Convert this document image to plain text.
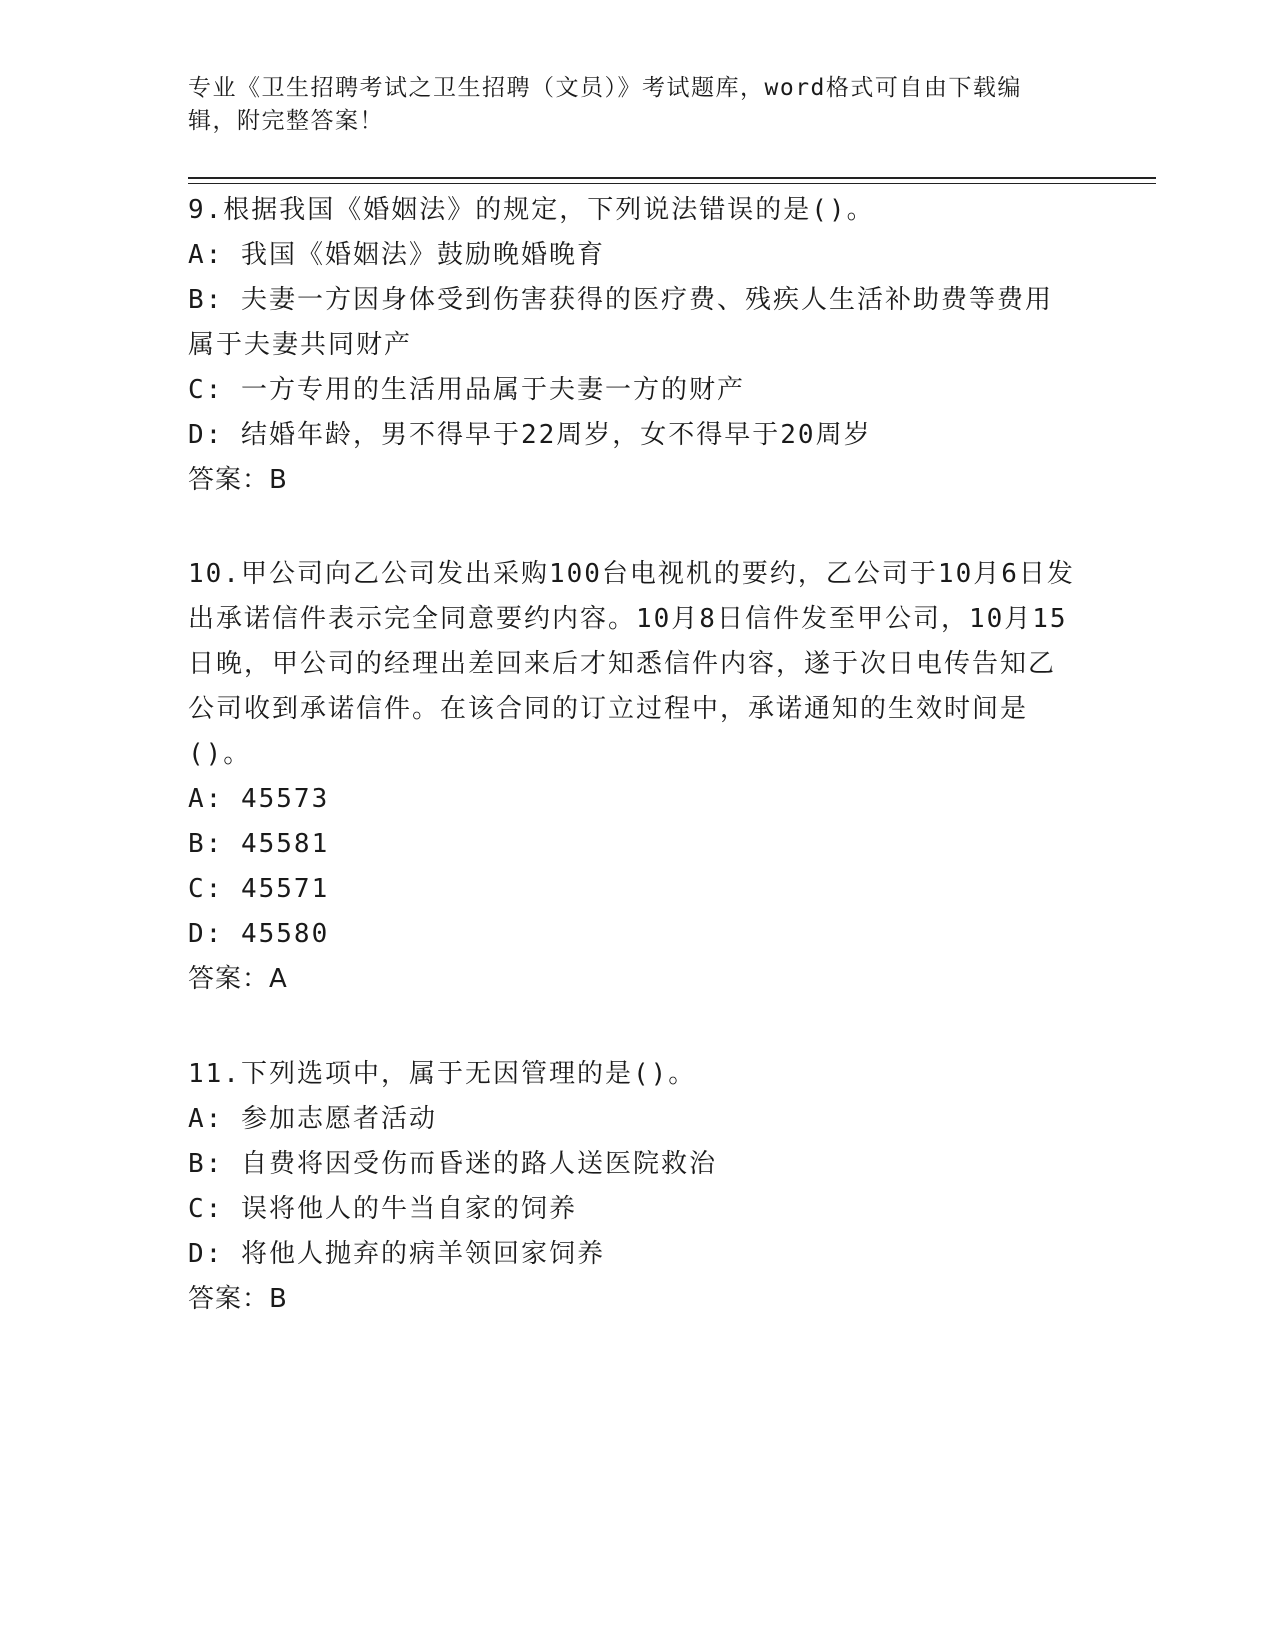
专业《卫生招聘考试之卫生招聘（文员）》考试题库，word格式可自由下载编辑，附完整答案！

9.根据我国《婚姻法》的规定，下列说法错误的是()。

A: 我国《婚姻法》鼓励晚婚晚育

B: 夫妻一方因身体受到伤害获得的医疗费、残疾人生活补助费等费用属于夫妻共同财产

C: 一方专用的生活用品属于夫妻一方的财产

D: 结婚年龄，男不得早于22周岁，女不得早于20周岁

答案：B

10.甲公司向乙公司发出采购100台电视机的要约，乙公司于10月6日发出承诺信件表示完全同意要约内容。10月8日信件发至甲公司，10月15日晚，甲公司的经理出差回来后才知悉信件内容，遂于次日电传告知乙公司收到承诺信件。在该合同的订立过程中，承诺通知的生效时间是()。

A: 45573

B: 45581

C: 45571

D: 45580

答案：A

11.下列选项中，属于无因管理的是()。

A: 参加志愿者活动

B: 自费将因受伤而昏迷的路人送医院救治

C: 误将他人的牛当自家的饲养

D: 将他人抛弃的病羊领回家饲养

答案：B
